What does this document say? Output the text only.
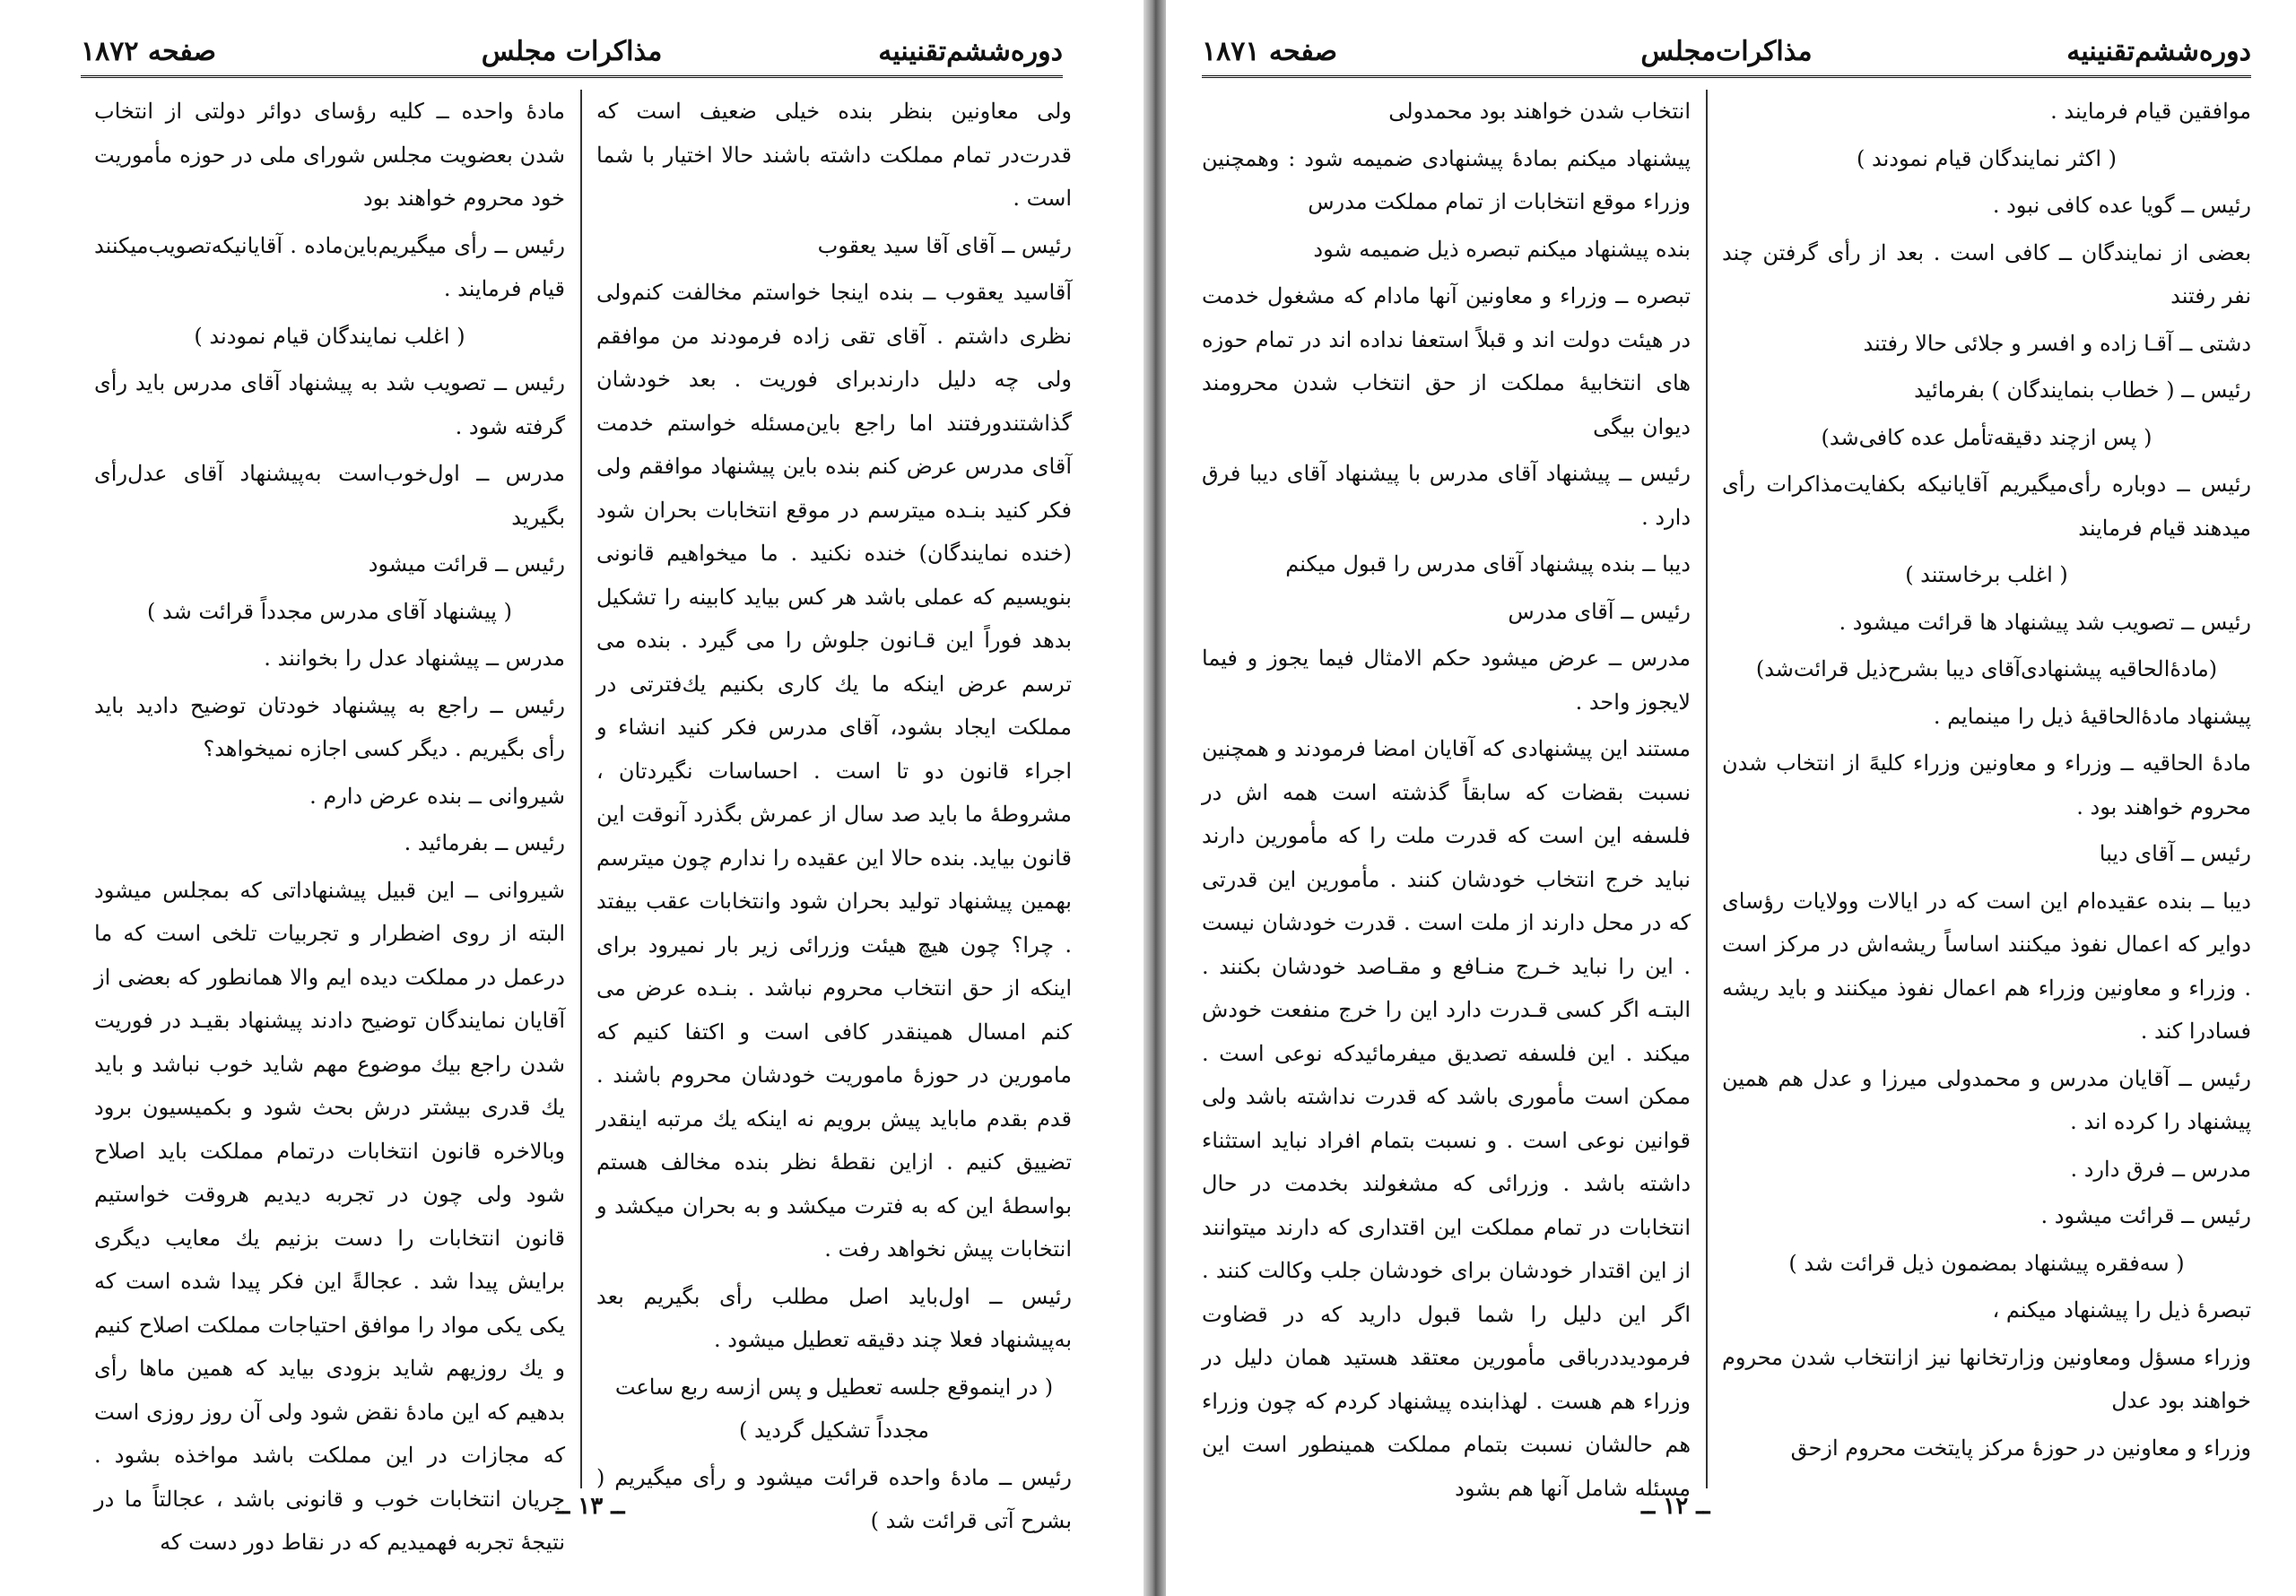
دوره‌ششم‌تقنینیه
مذاکرات مجلس
صفحه ۱۸۷۲

ولی معاونین بنظر بنده خیلی ضعیف است که قدرت‌در تمام مملکت داشته باشند حالا اختیار با شما است .

رئیس ــ آقای آقا سید یعقوب

آقاسید یعقوب ــ بنده اینجا خواستم مخالفت کنم‌ولی نظری داشتم . آقای تقی زاده فرمودند من موافقم ولی چه دلیل دارند‌برای فوریت . بعد خودشان گذاشتند‌ورفتند اما راجع باین‌مسئله خواستم خدمت آقای مدرس عرض کنم بنده باین پیشنهاد موافقم ولی فکر کنید بنـده میترسم در موقع انتخابات بحران شود (خنده نمایندگان) خنده نکنید . ما میخواهیم قانونی بنویسیم که عملی باشد هر کس بیاید کابینه را تشکیل بدهد فوراً این قـانون جلوش را می گیرد . بنده می ترسم عرض اینکه ما یك کاری بکنیم یك‌فترتی در مملکت ایجاد بشود، آقای مدرس فکر کنید انشاء و اجراء قانون دو تا است . احساسات نگیرد‌تان ، مشروطهٔ ما باید صد سال از عمرش بگذرد آنوقت این قانون بیاید. بنده حالا این عقیده را ندارم چون میترسم بهمین پیشنهاد تولید بحران شود وانتخابات عقب بیفتد . چرا؟ چون هیچ هیئت وزرائی زیر بار نمیرود برای اینکه از حق انتخاب محروم نباشد . بنـده عرض می کنم امسال همینقدر کافی است و اکتفا کنیم که مامورین در حوزهٔ ماموریت خودشان محروم باشند . قدم بقدم مابايد پيش برويم نه اينكه یك مرتبه اینقدر تضییق کنیم . ازاین نقطهٔ نظر بنده مخالف هستم بواسطهٔ این که به فترت میکشد و به بحران میکشد و انتخابات پیش نخواهد رفت .

رئیس ــ اول‌باید اصل مطلب رأی بگیریم بعد به‌پیشنهاد فعلا چند دقیقه تعطیل میشود .

( در اینموقع جلسه تعطیل و پس ازسه ربع ساعت مجدداً تشکیل گردید )

رئیس ــ مادهٔ واحده قرائت میشود و رأی میگیریم ( بشرح آتی قرائت شد )

مادهٔ واحده ــ کلیه رؤسای دوائر دولتی از انتخاب شدن بعضویت مجلس شورای ملی در حوزه مأموریت خود محروم خواهند بود

رئیس ــ رأی میگیریم‌باین‌ماده . آقایانیکه‌تصویب‌میکنند قیام فرمایند .

( اغلب نمایندگان قیام نمودند )

رئیس ــ تصویب شد به پیشنهاد آقای مدرس باید رأی گرفته شود .

مدرس ــ اول‌خوب‌است به‌پیشنهاد آقای عدل‌رأی بگیرید

رئیس ــ قرائت میشود

( پیشنهاد آقای مدرس مجدداً قرائت شد )

مدرس ــ پیشنهاد عدل را بخوانند .

رئیس ــ راجع به پیشنهاد خودتان توضیح دادید باید رأی بگیریم . دیگر کسی اجازه نمیخواهد؟

شیروانی ــ بنده عرض دارم .

رئیس ــ بفرمائید .

شیروانی ــ این قبیل پیشنهاداتی که بمجلس میشود البته از روی اضطرار و تجربیات تلخی است که ما درعمل در مملکت دیده ایم والا همانطور که بعضی از آقایان نمایندگان توضیح دادند پیشنهاد بقیـد در فوریت شدن راجع بیك موضوع مهم شاید خوب نباشد و باید یك قدری بیشتر درش بحث شود و بکمیسیون برود وبالاخره قانون انتخابات درتمام مملکت باید اصلاح شود ولی چون در تجربه دیدیم هروقت خواستیم قانون انتخابات را دست بزنیم یك معایب دیگری برایش پیدا شد . عجالةً این فکر پیدا شده است که یکی یکی مواد را موافق احتیاجات مملکت اصلاح کنیم و یك روزیهم شاید بزودی بیاید که همین ماها رأی بدهیم که این مادهٔ نقض شود ولی آن روز روزی است که مجازات در این مملکت باشد مواخذه بشود . جریان انتخابات خوب و قانونی باشد ، عجالتاً ما در نتیجهٔ تجربه فهمیدیم که در نقاط دور دست که

ــ ۱۳ ــ
دوره‌ششم‌تقنینیه
مذاکرات‌مجلس
صفحه ۱۸۷۱

موافقین قیام فرمایند .

( اکثر نمایندگان قیام نمودند )

رئیس ــ گویا عده کافی نبود .

بعضی از نمایندگان ــ کافی است . بعد از رأی گرفتن چند نفر رفتند

دشتی ــ آقـا زاده و افسر و جلائی حالا رفتند

رئیس ــ ( خطاب بنمایندگان ) بفرمائید

( پس ازچند دقیقه‌تأمل عده کافی‌شد)

رئیس ــ دوباره رأی‌میگیریم آقایانیکه بکفایت‌مذاکرات رأی میدهند قیام فرمایند

( اغلب برخاستند )

رئیس ــ تصویب شد پیشنهاد ها قرائت میشود .

(مادهٔ‌الحاقیه پیشنهادی‌آقای دیبا بشرح‌ذیل قرائت‌شد)

پیشنهاد مادهٔ‌الحاقیهٔ ذیل را مینمایم .

مادهٔ الحاقیه ــ وزراء و معاونین وزراء کلیهً از انتخاب شدن محروم خواهند بود .

رئیس ــ آقای دیبا

دیبا ــ بنده عقیده‌ام این است که در ایالات وولایات رؤسای دوایر که اعمال نفوذ میکنند اساساً ریشه‌اش در مرکز است . وزراء و معاونین وزراء هم اعمال نفوذ میکنند و باید ریشه فساد‌را کند .

رئیس ــ آقایان مدرس و محمد‌ولی میرزا و عدل هم همین پیشنهاد را کرده اند .

مدرس ــ فرق دارد .

رئیس ــ قرائت میشود .

( سه‌فقره پیشنهاد بمضمون ذیل قرائت شد )

تبصرهٔ ذیل را پیشنهاد میکنم ،

وزراء مسؤل ومعاونین وزارتخانها نیز ازانتخاب شدن محروم خواهند بود عدل

وزراء و معاونین در حوزهٔ مرکز پایتخت محروم ازحق

انتخاب شدن خواهند بود محمد‌ولی

پیشنهاد میکنم بمادهٔ پیشنهادی ضمیمه شود : وهمچنین وزراء موقع انتخابات از تمام مملکت مدرس

بنده پیشنهاد میکنم تبصره ذیل ضمیمه شود

تبصره ــ وزراء و معاونین آنها مادام که مشغول خدمت در هیئت دولت اند و قبلاً استعفا نداده اند در تمام حوزه های انتخابیهٔ مملکت از حق انتخاب شدن محرومند دیوان بیگی

رئیس ــ پیشنهاد آقای مدرس با پیشنهاد آقای دیبا فرق دارد .

دیبا ــ بنده پیشنهاد آقای مدرس را قبول میکنم

رئیس ــ آقای مدرس

مدرس ــ عرض میشود حکم الامثال فیما یجوز و فیما لایجوز واحد .

مستند این پیشنهادی که آقایان امضا فرمودند و همچنین نسبت بقضات که سابقاً گذشته است همه اش در فلسفه این است که قدرت ملت را که مأمورین دارند نباید خرج انتخاب خودشان کنند . مأمورین این قدرتی که در محل دارند از ملت است . قدرت خودشان نیست . این را نباید خـرج منـافع و مقـاصد خودشان بکنند . البتـه اگر کسی قـدرت دارد این را خرج منفعت خودش میکند . این فلسفه تصدیق میفرمائید‌که نوعی است . ممکن است مأموری باشد که قدرت نداشته باشد ولی قوانین نوعی است . و نسبت بتمام افراد نباید استثناء داشته باشد . وزرائی که مشغولند بخدمت در حال انتخابات در تمام مملکت این اقتداری که دارند میتوانند از این اقتدار خودشان برای خودشان جلب وکالت کنند . اگر این دلیل را شما قبول دارید که در قضاوت فرمودید‌در‌باقی مأمورین معتقد هستید همان دلیل در وزراء هم هست . لهذابنده پیشنهاد کردم که چون وزراء هم حالشان نسبت بتمام مملکت همینطور است این مسئله شامل آنها هم بشود

ــ ۱۲ ــ
